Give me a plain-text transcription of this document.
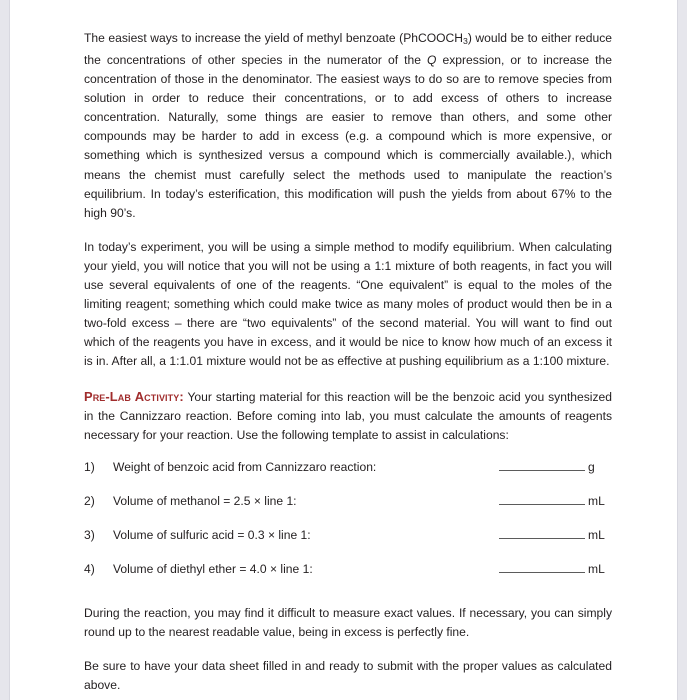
The easiest ways to increase the yield of methyl benzoate (PhCOOCH$_3$) would be to either reduce the concentrations of other species in the numerator of the Q expression, or to increase the concentration of those in the denominator. The easiest ways to do so are to remove species from solution in order to reduce their concentrations, or to add excess of others to increase concentration. Naturally, some things are easier to remove than others, and some other compounds may be harder to add in excess (e.g. a compound which is more expensive, or something which is synthesized versus a compound which is commercially available.), which means the chemist must carefully select the methods used to manipulate the reaction’s equilibrium. In today’s esterification, this modification will push the yields from about 67% to the high 90’s.

In today’s experiment, you will be using a simple method to modify equilibrium. When calculating your yield, you will notice that you will not be using a 1:1 mixture of both reagents, in fact you will use several equivalents of one of the reagents. “One equivalent” is equal to the moles of the limiting reagent; something which could make twice as many moles of product would then be in a two-fold excess – there are “two equivalents” of the second material. You will want to find out which of the reagents you have in excess, and it would be nice to know how much of an excess it is in. After all, a 1:1.01 mixture would not be as effective at pushing equilibrium as a 1:100 mixture.

Pre-Lab Activity: Your starting material for this reaction will be the benzoic acid you synthesized in the Cannizzaro reaction. Before coming into lab, you must calculate the amounts of reagents necessary for your reaction. Use the following template to assist in calculations:

1)	Weight of benzoic acid from Cannizzaro reaction:	g
2)	Volume of methanol = 2.5 × line 1:	mL
3)	Volume of sulfuric acid = 0.3 × line 1:	mL
4)	Volume of diethyl ether = 4.0 × line 1:	mL

During the reaction, you may find it difficult to measure exact values. If necessary, you can simply round up to the nearest readable value, being in excess is perfectly fine.

Be sure to have your data sheet filled in and ready to submit with the proper values as calculated above.
